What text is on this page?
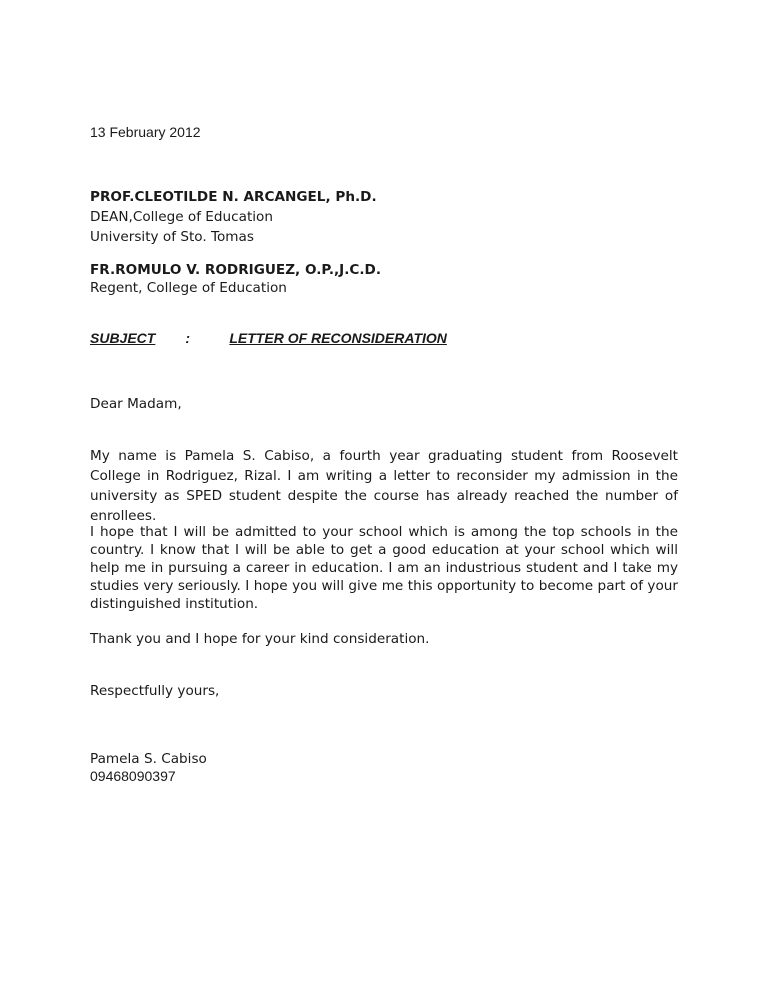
13 February 2012
PROF.CLEOTILDE N. ARCANGEL, Ph.D.
DEAN,College of Education
University of Sto. Tomas
FR.ROMULO V. RODRIGUEZ, O.P.,J.C.D.
Regent, College of Education
SUBJECT :	LETTER OF RECONSIDERATION
Dear Madam,

My name is Pamela S. Cabiso, a fourth year graduating student from Roosevelt College in Rodriguez, Rizal. I am writing a letter to reconsider my admission in the university as SPED student despite the course has already reached the number of enrollees.

I hope that I will be admitted to your school which is among the top schools in the country. I know that I will be able to get a good education at your school which will help me in pursuing a career in education. I am an industrious student and I take my studies very seriously. I hope you will give me this opportunity to become part of your distinguished institution.

Thank you and I hope for your kind consideration.
Respectfully yours,
Pamela S. Cabiso
09468090397
